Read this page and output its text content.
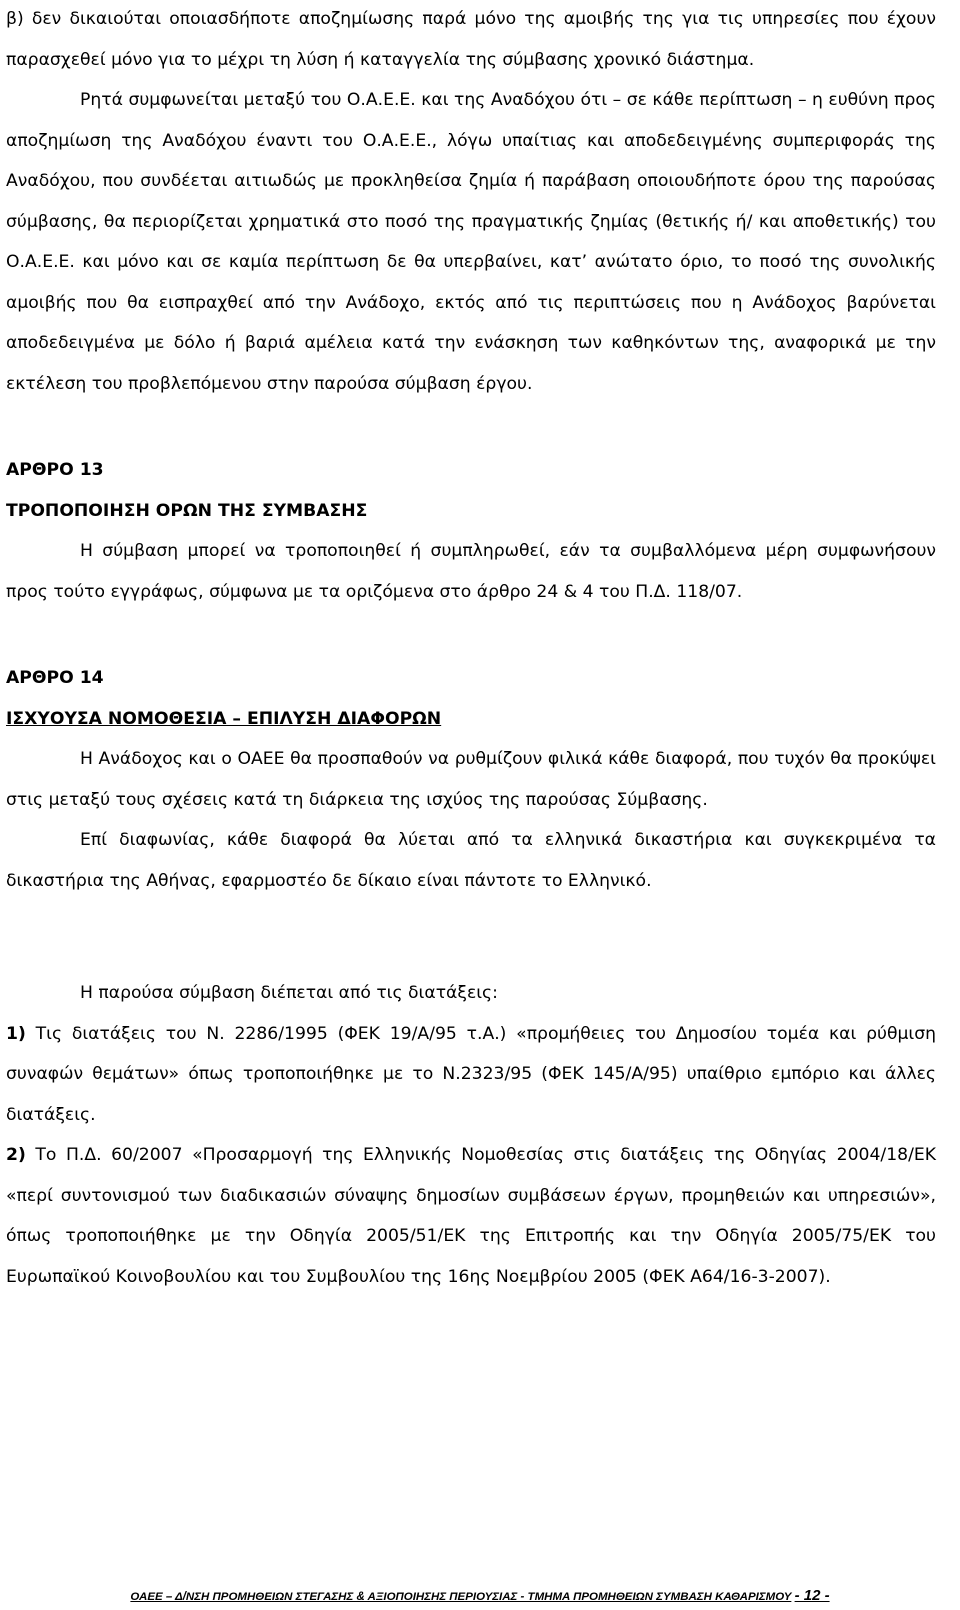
β) δεν δικαιούται οποιασδήποτε αποζημίωσης παρά μόνο της αμοιβής της για τις υπηρεσίες που έχουν παρασχεθεί μόνο για το μέχρι τη λύση ή καταγγελία της σύμβασης χρονικό διάστημα.

Ρητά συμφωνείται μεταξύ του Ο.Α.Ε.Ε. και της Αναδόχου ότι – σε κάθε περίπτωση – η ευθύνη προς αποζημίωση της Αναδόχου έναντι του Ο.Α.Ε.Ε., λόγω υπαίτιας και αποδεδειγμένης συμπεριφοράς της Αναδόχου, που συνδέεται αιτιωδώς με προκληθείσα ζημία ή παράβαση οποιουδήποτε όρου της παρούσας σύμβασης, θα περιορίζεται χρηματικά στο ποσό της πραγματικής ζημίας (θετικής ή/ και αποθετικής) του Ο.Α.Ε.Ε. και μόνο και σε καμία περίπτωση δε θα υπερβαίνει, κατ’ ανώτατο όριο, το ποσό της συνολικής αμοιβής που θα εισπραχθεί από την Ανάδοχο, εκτός από τις περιπτώσεις που η Ανάδοχος βαρύνεται αποδεδειγμένα με δόλο ή βαριά αμέλεια κατά την ενάσκηση των καθηκόντων της, αναφορικά με την εκτέλεση του προβλεπόμενου στην παρούσα σύμβαση έργου.

ΑΡΘΡΟ 13

ΤΡΟΠΟΠΟΙΗΣΗ ΟΡΩΝ ΤΗΣ ΣΥΜΒΑΣΗΣ

Η σύμβαση μπορεί να τροποποιηθεί ή συμπληρωθεί, εάν τα συμβαλλόμενα μέρη συμφωνήσουν προς τούτο εγγράφως, σύμφωνα με τα οριζόμενα στο άρθρο 24 & 4 του Π.Δ. 118/07.

ΑΡΘΡΟ 14

ΙΣΧΥΟΥΣΑ ΝΟΜΟΘΕΣΙΑ – ΕΠΙΛΥΣΗ ΔΙΑΦΟΡΩΝ

Η Ανάδοχος και ο ΟΑΕΕ θα προσπαθούν να ρυθμίζουν φιλικά κάθε διαφορά, που τυχόν θα προκύψει στις μεταξύ τους σχέσεις κατά τη διάρκεια της ισχύος της παρούσας Σύμβασης.

Επί διαφωνίας, κάθε διαφορά θα λύεται από τα ελληνικά δικαστήρια και συγκεκριμένα τα δικαστήρια της Αθήνας, εφαρμοστέο δε δίκαιο είναι πάντοτε το Ελληνικό.

Η παρούσα σύμβαση διέπεται από τις διατάξεις:

1) Τις διατάξεις του Ν. 2286/1995 (ΦΕΚ 19/Α/95 τ.Α.) «προμήθειες του Δημοσίου τομέα και ρύθμιση συναφών θεμάτων» όπως τροποποιήθηκε με το Ν.2323/95 (ΦΕΚ 145/Α/95) υπαίθριο εμπόριο και άλλες διατάξεις.

2) Το Π.Δ. 60/2007 «Προσαρμογή της Ελληνικής Νομοθεσίας στις διατάξεις της Οδηγίας 2004/18/ΕΚ «περί συντονισμού των διαδικασιών σύναψης δημοσίων συμβάσεων έργων, προμηθειών και υπηρεσιών», όπως τροποποιήθηκε με την Οδηγία 2005/51/ΕΚ της Επιτροπής και την Οδηγία 2005/75/ΕΚ του Ευρωπαϊκού Κοινοβουλίου και του Συμβουλίου της 16ης Νοεμβρίου 2005 (ΦΕΚ Α64/16-3-2007).

ΟΑΕΕ – Δ/ΝΣΗ ΠΡΟΜΗΘΕΙΩΝ ΣΤΕΓΑΣΗΣ & ΑΞΙΟΠΟΙΗΣΗΣ ΠΕΡΙΟΥΣΙΑΣ - ΤΜΗΜΑ ΠΡΟΜΗΘΕΙΩΝ ΣΥΜΒΑΣΗ ΚΑΘΑΡΙΣΜΟΥ - 12 -
